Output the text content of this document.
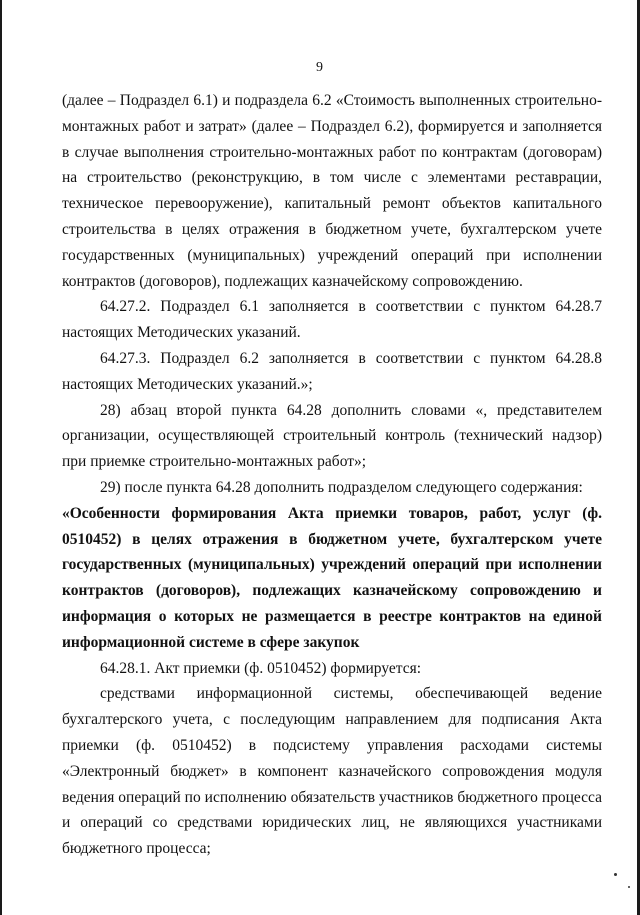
9

(далее – Подраздел 6.1) и подраздела 6.2 «Стоимость выполненных строительно-монтажных работ и затрат» (далее – Подраздел 6.2), формируется и заполняется в случае выполнения строительно-монтажных работ по контрактам (договорам) на строительство (реконструкцию, в том числе с элементами реставрации, техническое перевооружение), капитальный ремонт объектов капитального строительства в целях отражения в бюджетном учете, бухгалтерском учете государственных (муниципальных) учреждений операций при исполнении контрактов (договоров), подлежащих казначейскому сопровождению.

64.27.2. Подраздел 6.1 заполняется в соответствии с пунктом 64.28.7 настоящих Методических указаний.

64.27.3. Подраздел 6.2 заполняется в соответствии с пунктом 64.28.8 настоящих Методических указаний.»;

28) абзац второй пункта 64.28 дополнить словами «, представителем организации, осуществляющей строительный контроль (технический надзор) при приемке строительно-монтажных работ»;

29) после пункта 64.28 дополнить подразделом следующего содержания:

«Особенности формирования Акта приемки товаров, работ, услуг (ф. 0510452) в целях отражения в бюджетном учете, бухгалтерском учете государственных (муниципальных) учреждений операций при исполнении контрактов (договоров), подлежащих казначейскому сопровождению и информация о которых не размещается в реестре контрактов на единой информационной системе в сфере закупок

64.28.1. Акт приемки (ф. 0510452) формируется:

средствами информационной системы, обеспечивающей ведение бухгалтерского учета, с последующим направлением для подписания Акта приемки (ф. 0510452) в подсистему управления расходами системы «Электронный бюджет» в компонент казначейского сопровождения модуля ведения операций по исполнению обязательств участников бюджетного процесса и операций со средствами юридических лиц, не являющихся участниками бюджетного процесса;
